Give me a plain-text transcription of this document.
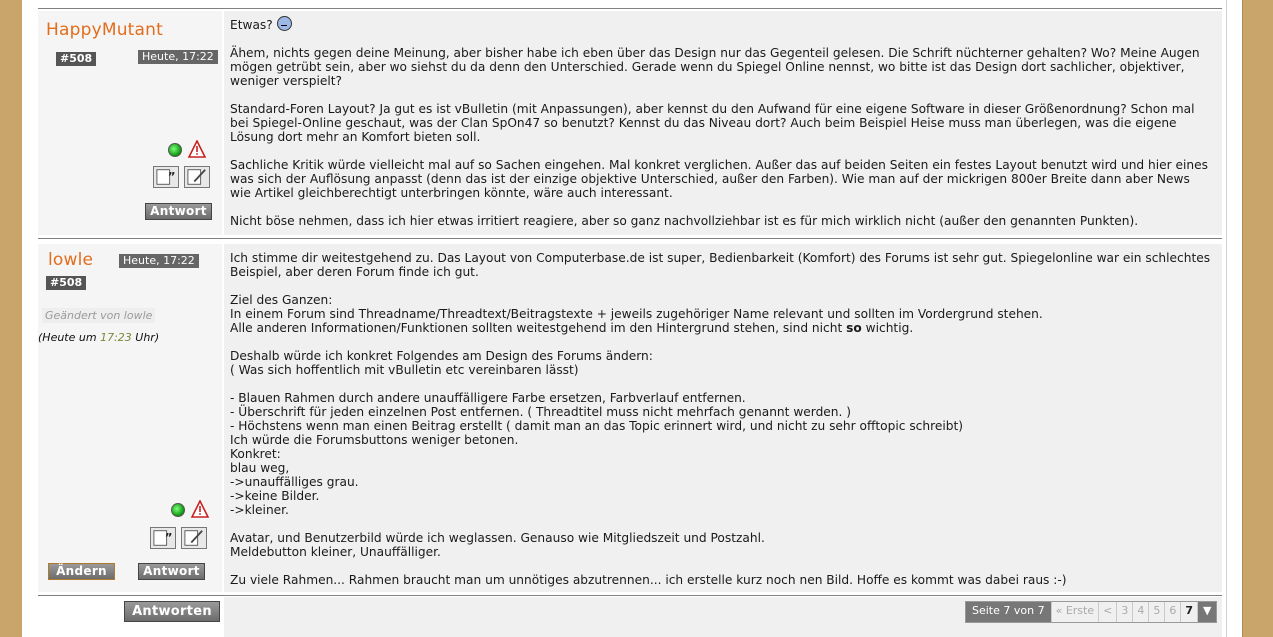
HappyMutant
#508	Heute, 17:22
”
Antwort

Etwas?

Ähem, nichts gegen deine Meinung, aber bisher habe ich eben über das Design nur das Gegenteil gelesen. Die Schrift nüchterner gehalten? Wo? Meine Augen mögen getrübt sein, aber wo siehst du da denn den Unterschied. Gerade wenn du Spiegel Online nennst, wo bitte ist das Design dort sachlicher, objektiver, weniger verspielt?

Standard-Foren Layout? Ja gut es ist vBulletin (mit Anpassungen), aber kennst du den Aufwand für eine eigene Software in dieser Größenordnung? Schon mal bei Spiegel-Online geschaut, was der Clan SpOn47 so benutzt? Kennst du das Niveau dort? Auch beim Beispiel Heise muss man überlegen, was die eigene Lösung dort mehr an Komfort bieten soll.

Sachliche Kritik würde vielleicht mal auf so Sachen eingehen. Mal konkret verglichen. Außer das auf beiden Seiten ein festes Layout benutzt wird und hier eines was sich der Auflösung anpasst (denn das ist der einzige objektive Unterschied, außer den Farben). Wie man auf der mickrigen 800er Breite dann aber News wie Artikel gleichberechtigt unterbringen könnte, wäre auch interessant.

Nicht böse nehmen, dass ich hier etwas irritiert reagiere, aber so ganz nachvollziehbar ist es für mich wirklich nicht (außer den genannten Punkten).

lowle	Heute, 17:22
#508
Geändert von lowle
(Heute um 17:23 Uhr)
”
Ändern	Antwort

Ich stimme dir weitestgehend zu. Das Layout von Computerbase.de ist super, Bedienbarkeit (Komfort) des Forums ist sehr gut. Spiegelonline war ein schlechtes Beispiel, aber deren Forum finde ich gut.

Ziel des Ganzen:

In einem Forum sind Threadname/Threadtext/Beitragstexte + jeweils zugehöriger Name relevant und sollten im Vordergrund stehen.

Alle anderen Informationen/Funktionen sollten weitestgehend im den Hintergrund stehen, sind nicht so wichtig.

Deshalb würde ich konkret Folgendes am Design des Forums ändern:

( Was sich hoffentlich mit vBulletin etc vereinbaren lässt)

- Blauen Rahmen durch andere unauffälligere Farbe ersetzen, Farbverlauf entfernen.

- Überschrift für jeden einzelnen Post entfernen. ( Threadtitel muss nicht mehrfach genannt werden. )

- Höchstens wenn man einen Beitrag erstellt ( damit man an das Topic erinnert wird, und nicht zu sehr offtopic schreibt)

Ich würde die Forumsbuttons weniger betonen.

Konkret:

blau weg,

->unauffälliges grau.

->keine Bilder.

->kleiner.

Avatar, und Benutzerbild würde ich weglassen. Genauso wie Mitgliedszeit und Postzahl.

Meldebutton kleiner, Unauffälliger.

Zu viele Rahmen... Rahmen braucht man um unnötiges abzutrennen... ich erstelle kurz noch nen Bild. Hoffe es kommt was dabei raus :-)

Antworten	Seite 7 von 7	« Erste < 3 4 5 6 7 ▼
